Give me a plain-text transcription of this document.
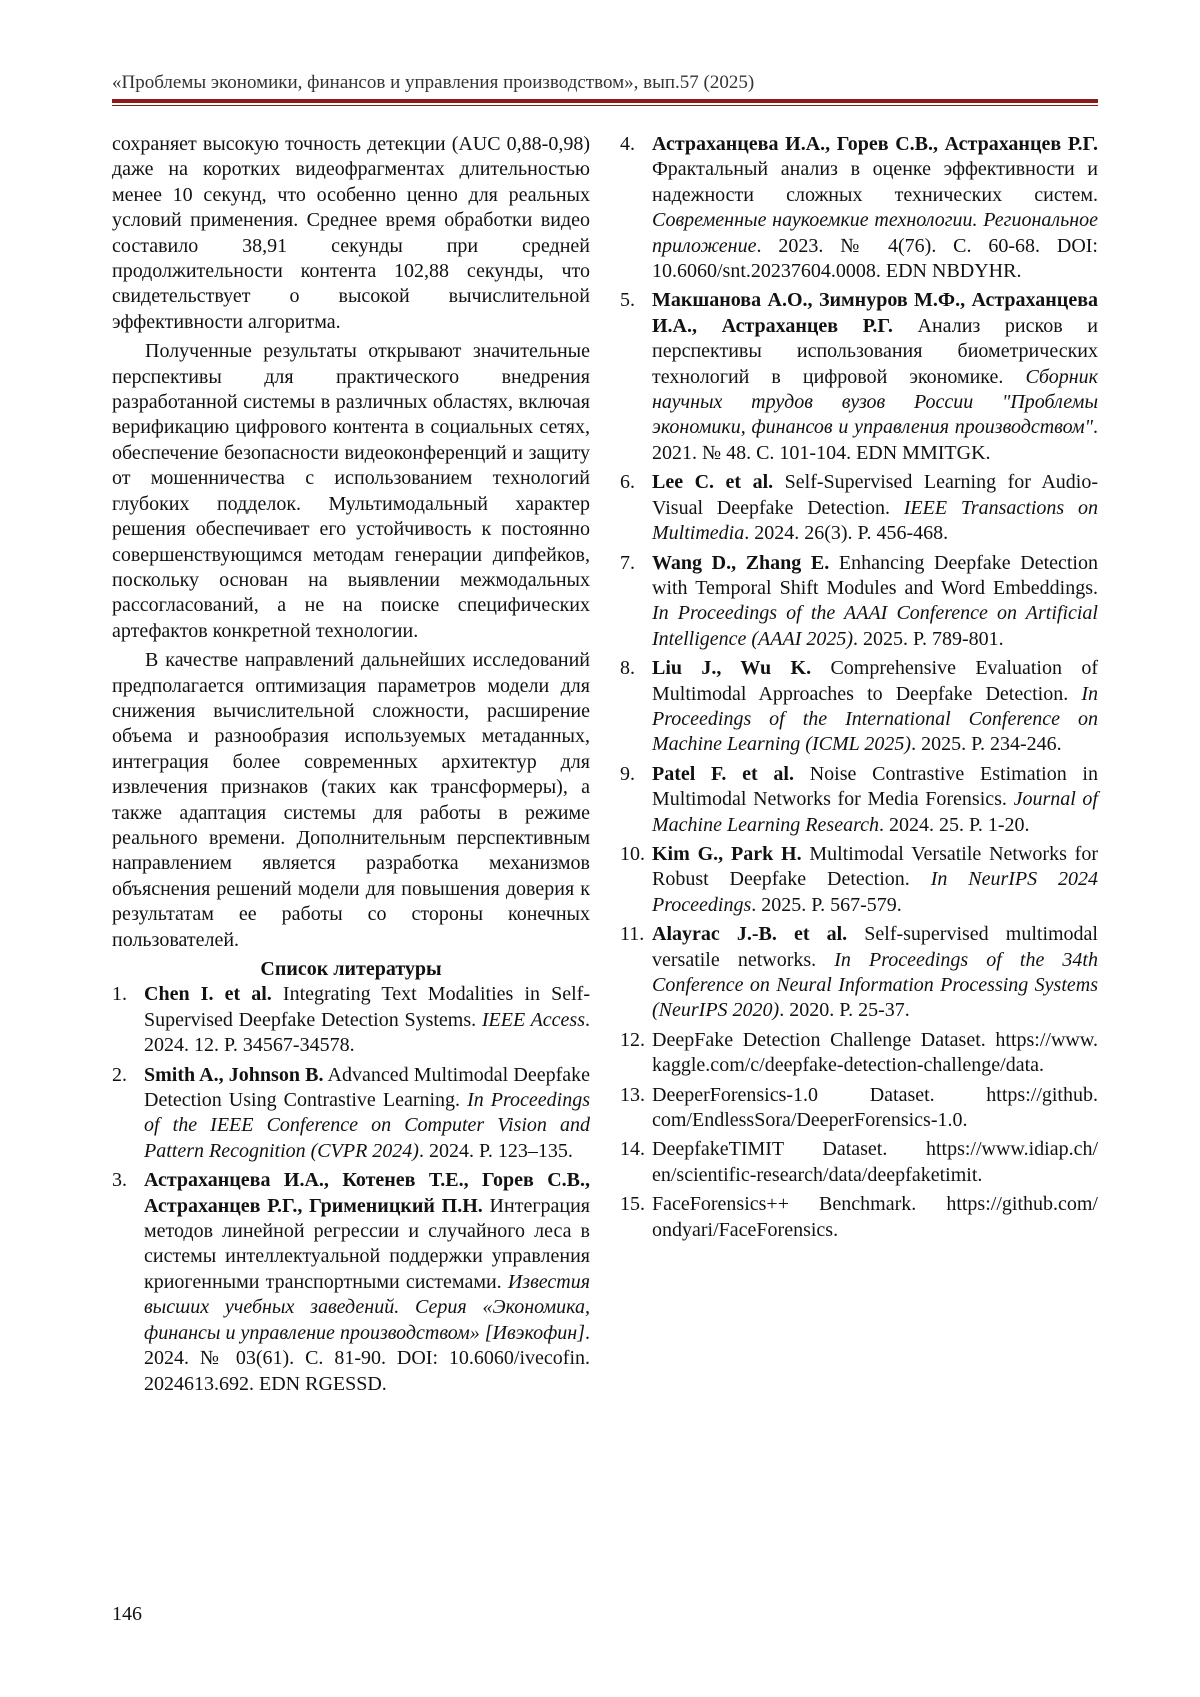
«Проблемы экономики, финансов и управления производством», вып.57 (2025)

сохраняет высокую точность детекции (AUC 0,88-0,98) даже на коротких видеофрагментах длительностью менее 10 секунд, что особенно ценно для реальных условий применения. Среднее время обработки видео составило 38,91 секунды при средней продолжительности контента 102,88 секунды, что свидетельствует о высокой вычислительной эффективности алгоритма.

Полученные результаты открывают значительные перспективы для практического внедрения разработанной системы в различных областях, включая верификацию цифрового контента в социальных сетях, обеспечение безопасности видеоконференций и защиту от мошенничества с использованием технологий глубоких подделок. Мультимодальный характер решения обеспечивает его устойчивость к постоянно совершенствующимся методам генерации дипфейков, поскольку основан на выявлении межмодальных рассогласований, а не на поиске специфических артефактов конкретной технологии.

В качестве направлений дальнейших исследований предполагается оптимизация параметров модели для снижения вычислительной сложности, расширение объема и разнообразия используемых метаданных, интеграция более современных архитектур для извлечения признаков (таких как трансформеры), а также адаптация системы для работы в режиме реального времени. Дополнительным перспективным направлением является разработка механизмов объяснения решений модели для повышения доверия к результатам ее работы со стороны конечных пользователей.

Список литературы
1. Chen I. et al. Integrating Text Modalities in Self-Supervised Deepfake Detection Systems. IEEE Access. 2024. 12. P. 34567-34578.
2. Smith A., Johnson B. Advanced Multimodal Deepfake Detection Using Contrastive Learning. In Proceedings of the IEEE Conference on Computer Vision and Pattern Recognition (CVPR 2024). 2024. P. 123–135.
3. Астраханцева И.А., Котенев Т.Е., Горев С.В., Астраханцев Р.Г., Грименицкий П.Н. Интеграция методов линейной регрессии и случайного леса в системы интеллектуальной поддержки управления криогенными транспортными системами. Известия высших учебных заведений. Серия «Экономика, финансы и управление производством» [Ивэкофин]. 2024. № 03(61). С. 81-90. DOI: 10.6060/ivecofin. 2024613.692. EDN RGESSD.
4. Астраханцева И.А., Горев С.В., Астраханцев Р.Г. Фрактальный анализ в оценке эффективности и надежности сложных технических систем. Современные наукоемкие технологии. Региональное приложение. 2023. № 4(76). С. 60-68. DOI: 10.6060/snt.20237604.0008. EDN NBDYHR.
5. Макшанова А.О., Зимнуров М.Ф., Астраханцева И.А., Астраханцев Р.Г. Анализ рисков и перспективы использования биометрических технологий в цифровой экономике. Сборник научных трудов вузов России "Проблемы экономики, финансов и управления производством". 2021. № 48. С. 101-104. EDN MMITGK.
6. Lee C. et al. Self-Supervised Learning for Audio-Visual Deepfake Detection. IEEE Transactions on Multimedia. 2024. 26(3). P. 456-468.
7. Wang D., Zhang E. Enhancing Deepfake Detection with Temporal Shift Modules and Word Embeddings. In Proceedings of the AAAI Conference on Artificial Intelligence (AAAI 2025). 2025. P. 789-801.
8. Liu J., Wu K. Comprehensive Evaluation of Multimodal Approaches to Deepfake Detection. In Proceedings of the International Conference on Machine Learning (ICML 2025). 2025. P. 234-246.
9. Patel F. et al. Noise Contrastive Estimation in Multimodal Networks for Media Forensics. Journal of Machine Learning Research. 2024. 25. P. 1-20.
10. Kim G., Park H. Multimodal Versatile Networks for Robust Deepfake Detection. In NeurIPS 2024 Proceedings. 2025. P. 567-579.
11. Alayrac J.-B. et al. Self-supervised multimodal versatile networks. In Proceedings of the 34th Conference on Neural Information Processing Systems (NeurIPS 2020). 2020. P. 25-37.
12. DeepFake Detection Challenge Dataset. https://www. kaggle.com/c/deepfake-detection-challenge/data.
13. DeeperForensics-1.0 Dataset. https://github. com/EndlessSora/DeeperForensics-1.0.
14. DeepfakeTIMIT Dataset. https://www.idiap.ch/ en/scientific-research/data/deepfaketimit.
15. FaceForensics++ Benchmark. https://github.com/ ondyari/FaceForensics.
146
